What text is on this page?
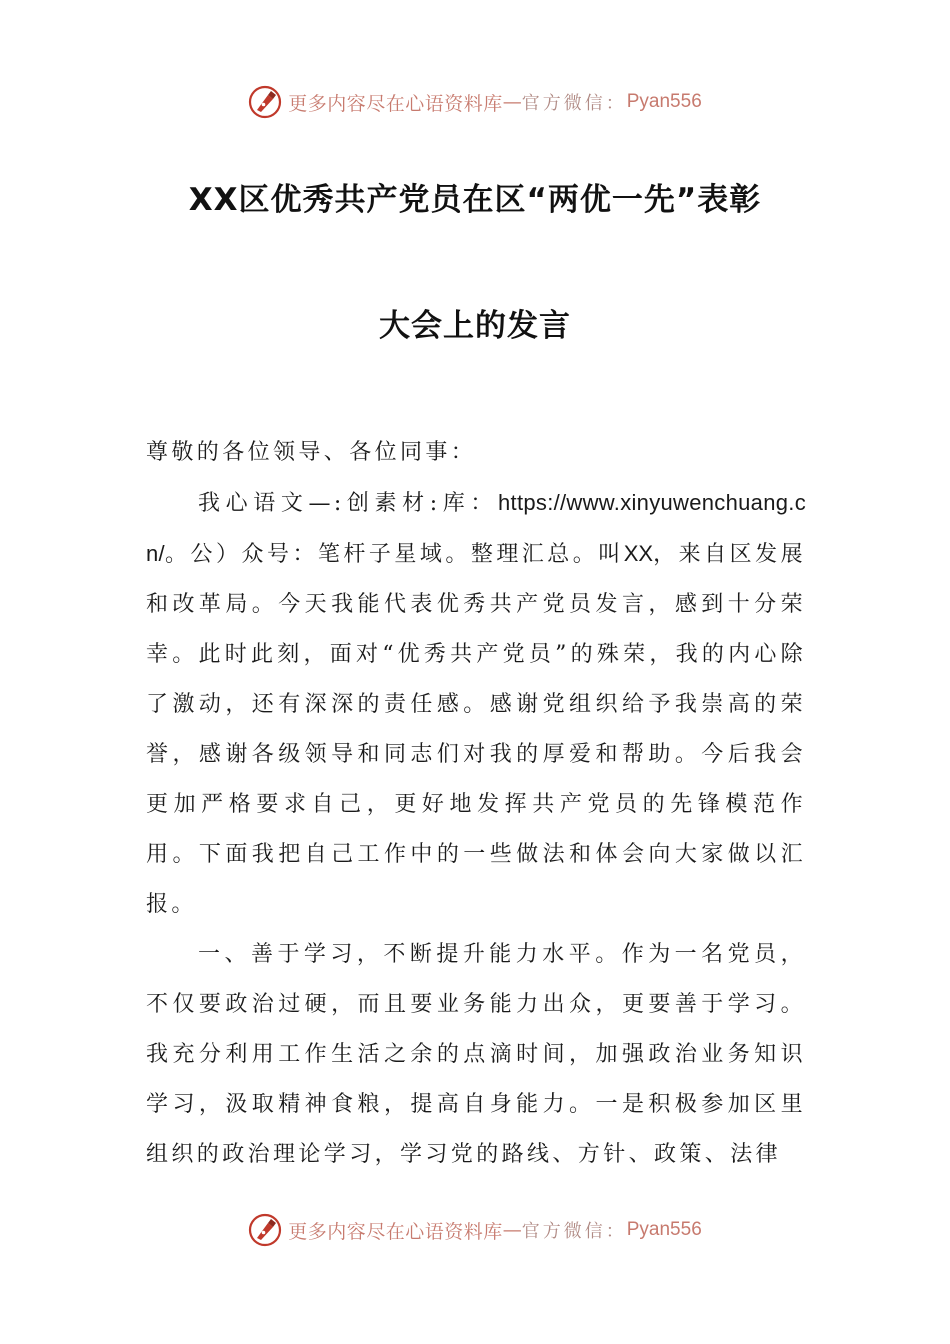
更多内容尽在心语资料库 — 官方微信： Pyan556
XX区优秀共产党员在区“两优一先”表彰
大会上的发言

尊敬的各位领导、各位同事：

我心语文—:创素材:库：https://www.xinyuwenchuang.cn/。公）众号：笔杆子星域。整理汇总。叫XX，来自区发展和改革局。今天我能代表优秀共产党员发言，感到十分荣幸。此时此刻，面对“优秀共产党员”的殊荣，我的内心除了激动，还有深深的责任感。感谢党组织给予我崇高的荣誉，感谢各级领导和同志们对我的厚爱和帮助。今后我会更加严格要求自己，更好地发挥共产党员的先锋模范作用。下面我把自己工作中的一些做法和体会向大家做以汇报。

一、善于学习，不断提升能力水平。作为一名党员，不仅要政治过硬，而且要业务能力出众，更要善于学习。我充分利用工作生活之余的点滴时间，加强政治业务知识学习，汲取精神食粮，提高自身能力。一是积极参加区里组织的政治理论学习，学习党的路线、方针、政策、法律

更多内容尽在心语资料库 — 官方微信： Pyan556
